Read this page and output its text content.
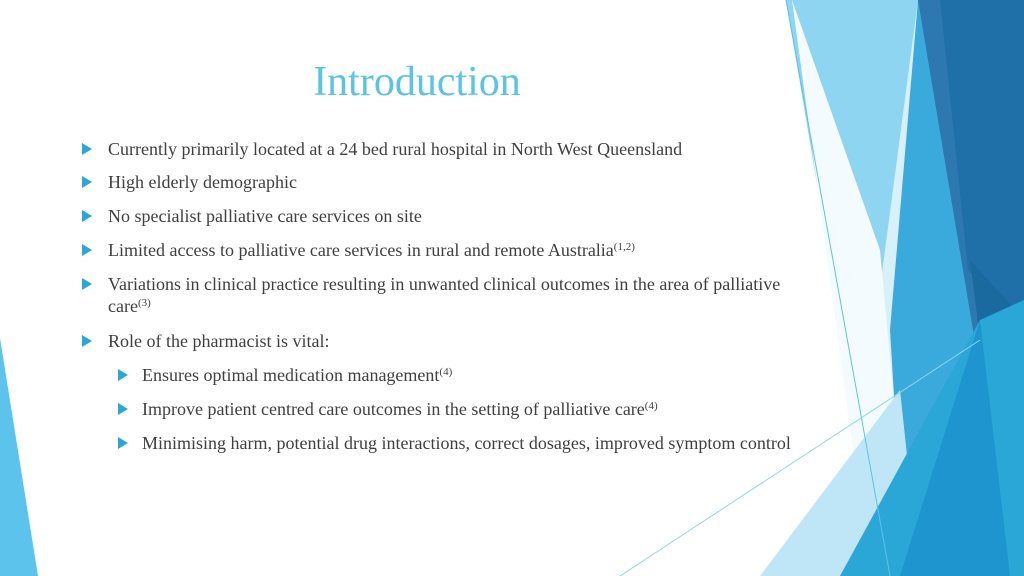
Introduction
Currently primarily located at a 24 bed rural hospital in North West Queensland
High elderly demographic
No specialist palliative care services on site
Limited access to palliative care services in rural and remote Australia$^{(1,2)}$
Variations in clinical practice resulting in unwanted clinical outcomes in the area of palliative care$^{(3)}$
Role of the pharmacist is vital:
Ensures optimal medication management$^{(4)}$
Improve patient centred care outcomes in the setting of palliative care$^{(4)}$
Minimising harm, potential drug interactions, correct dosages, improved symptom control
